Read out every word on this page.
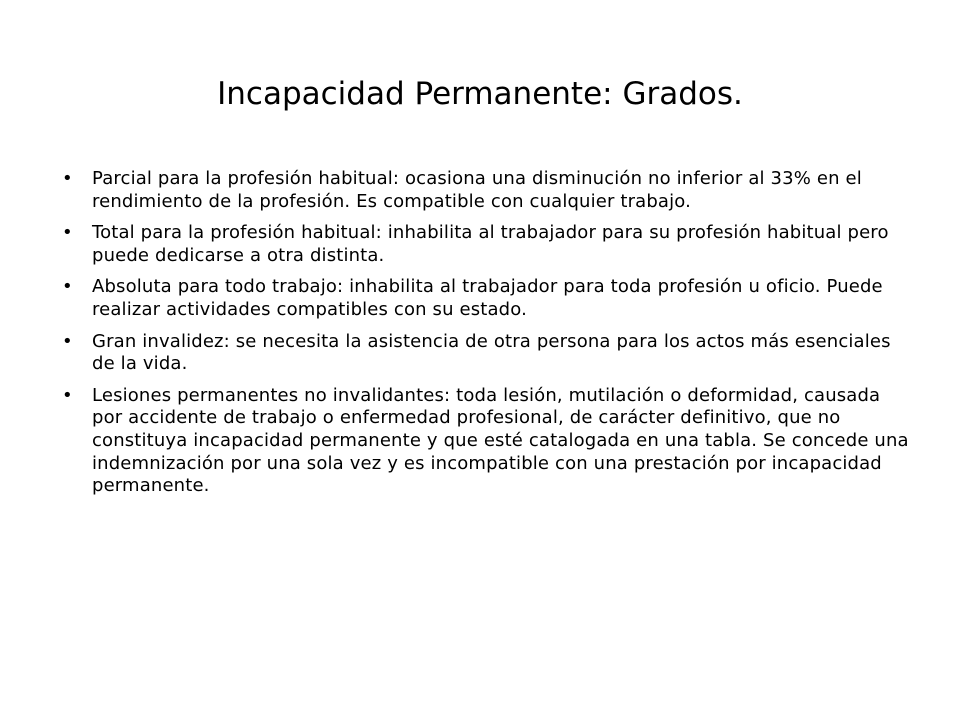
Incapacidad Permanente: Grados.
• Parcial para la profesión habitual: ocasiona una disminución no inferior al 33% en el rendimiento de la profesión. Es compatible con cualquier trabajo.
• Total para la profesión habitual: inhabilita al trabajador para su profesión habitual pero puede dedicarse a otra distinta.
• Absoluta para todo trabajo: inhabilita al trabajador para toda profesión u oficio. Puede realizar actividades compatibles con su estado.
• Gran invalidez: se necesita la asistencia de otra persona para los actos más esenciales de la vida.
• Lesiones permanentes no invalidantes: toda lesión, mutilación o deformidad, causada por accidente de trabajo o enfermedad profesional, de carácter definitivo, que no constituya incapacidad permanente y que esté catalogada en una tabla. Se concede una indemnización por una sola vez y es incompatible con una prestación por incapacidad permanente.
